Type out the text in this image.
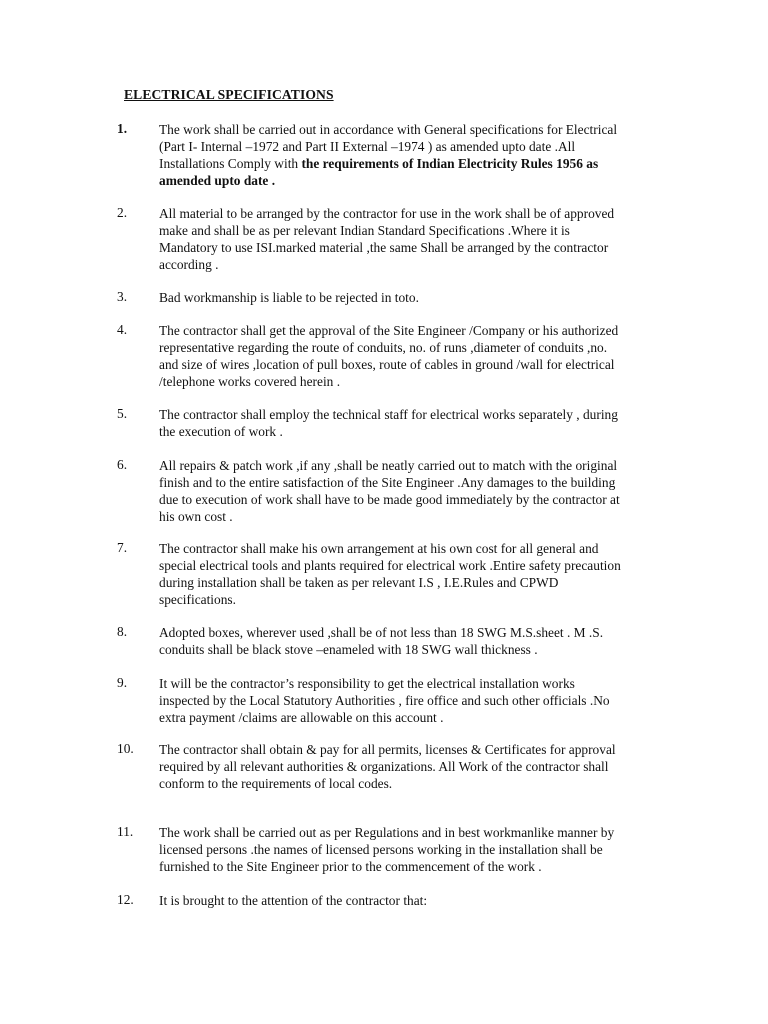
ELECTRICAL SPECIFICATIONS
1.	The work shall be carried out in accordance with General specifications for Electrical
(Part I- Internal –1972 and Part II External –1974 ) as amended upto date .All
Installations Comply with the requirements of Indian Electricity Rules 1956 as
amended upto date .
2.	All material to be arranged by the contractor for use in the work shall be of approved
make and shall be as per relevant Indian Standard Specifications .Where it is
Mandatory to use ISI.marked material ,the same Shall be arranged by the contractor
according .
3.	Bad workmanship is liable to be rejected in toto.
4.	The contractor shall get the approval of the Site Engineer /Company or his authorized
representative regarding the route of conduits, no. of runs ,diameter of conduits ,no.
and size of wires ,location of pull boxes, route of cables in ground /wall for electrical
/telephone works covered herein .
5.	The contractor shall employ the technical staff for electrical works separately , during
the execution of work .
6.	All repairs & patch work ,if any ,shall be neatly carried out to match with the original
finish and to the entire satisfaction of the Site Engineer .Any damages to the building
due to execution of work shall have to be made good immediately by the contractor at
his own cost .
7.	The contractor shall make his own arrangement at his own cost for all general and
special electrical tools and plants required for electrical work .Entire safety precaution
during installation shall be taken as per relevant I.S , I.E.Rules and CPWD
specifications.
8.	Adopted boxes, wherever used ,shall be of not less than 18 SWG M.S.sheet . M .S.
conduits shall be black stove –enameled with 18 SWG wall thickness .
9.	It will be the contractor’s responsibility to get the electrical installation works
inspected by the Local Statutory Authorities , fire office and such other officials .No
extra payment /claims are allowable on this account .
10.	The contractor shall obtain & pay for all permits, licenses & Certificates for approval
required by all relevant authorities & organizations. All Work of the contractor shall
conform to the requirements of local codes.
11.	The work shall be carried out as per Regulations and in best workmanlike manner by
licensed persons .the names of licensed persons working in the installation shall be
furnished to the Site Engineer prior to the commencement of the work .
12.	It is brought to the attention of the contractor that:
